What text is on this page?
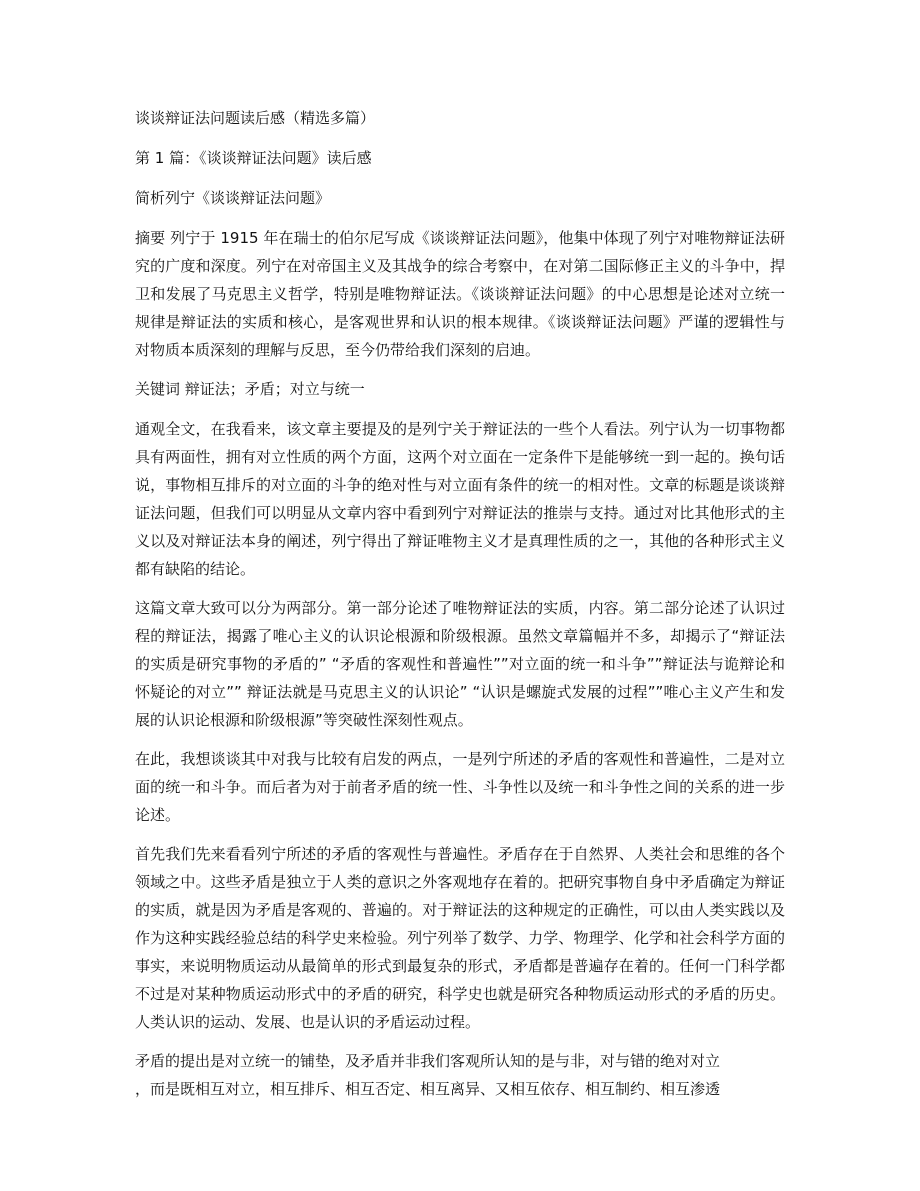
谈谈辩证法问题读后感（精选多篇）

第 1 篇：《谈谈辩证法问题》读后感

简析列宁《谈谈辩证法问题》

摘要 列宁于 1915 年在瑞士的伯尔尼写成《谈谈辩证法问题》，他集中体现了列宁对唯物辩证法研究的广度和深度。列宁在对帝国主义及其战争的综合考察中，在对第二国际修正主义的斗争中，捍卫和发展了马克思主义哲学，特别是唯物辩证法。《谈谈辩证法问题》的中心思想是论述对立统一规律是辩证法的实质和核心，是客观世界和认识的根本规律。《谈谈辩证法问题》严谨的逻辑性与对物质本质深刻的理解与反思，至今仍带给我们深刻的启迪。

关键词 辩证法；矛盾；对立与统一

通观全文，在我看来，该文章主要提及的是列宁关于辩证法的一些个人看法。列宁认为一切事物都具有两面性，拥有对立性质的两个方面，这两个对立面在一定条件下是能够统一到一起的。换句话说，事物相互排斥的对立面的斗争的绝对性与对立面有条件的统一的相对性。文章的标题是谈谈辩证法问题，但我们可以明显从文章内容中看到列宁对辩证法的推崇与支持。通过对比其他形式的主义以及对辩证法本身的阐述，列宁得出了辩证唯物主义才是真理性质的之一，其他的各种形式主义都有缺陷的结论。

这篇文章大致可以分为两部分。第一部分论述了唯物辩证法的实质，内容。第二部分论述了认识过程的辩证法，揭露了唯心主义的认识论根源和阶级根源。虽然文章篇幅并不多，却揭示了“辩证法的实质是研究事物的矛盾的” “矛盾的客观性和普遍性””对立面的统一和斗争””辩证法与诡辩论和怀疑论的对立”” 辩证法就是马克思主义的认识论” “认识是螺旋式发展的过程””唯心主义产生和发展的认识论根源和阶级根源”等突破性深刻性观点。

在此，我想谈谈其中对我与比较有启发的两点，一是列宁所述的矛盾的客观性和普遍性，二是对立面的统一和斗争。而后者为对于前者矛盾的统一性、斗争性以及统一和斗争性之间的关系的进一步论述。

首先我们先来看看列宁所述的矛盾的客观性与普遍性。矛盾存在于自然界、人类社会和思维的各个领域之中。这些矛盾是独立于人类的意识之外客观地存在着的。把研究事物自身中矛盾确定为辩证的实质，就是因为矛盾是客观的、普遍的。对于辩证法的这种规定的正确性，可以由人类实践以及作为这种实践经验总结的科学史来检验。列宁列举了数学、力学、物理学、化学和社会科学方面的事实，来说明物质运动从最简单的形式到最复杂的形式，矛盾都是普遍存在着的。任何一门科学都不过是对某种物质运动形式中的矛盾的研究，科学史也就是研究各种物质运动形式的矛盾的历史。人类认识的运动、发展、也是认识的矛盾运动过程。

矛盾的提出是对立统一的铺垫，及矛盾并非我们客观所认知的是与非，对与错的绝对对立

，而是既相互对立，相互排斥、相互否定、相互离异、又相互依存、相互制约、相互渗透
